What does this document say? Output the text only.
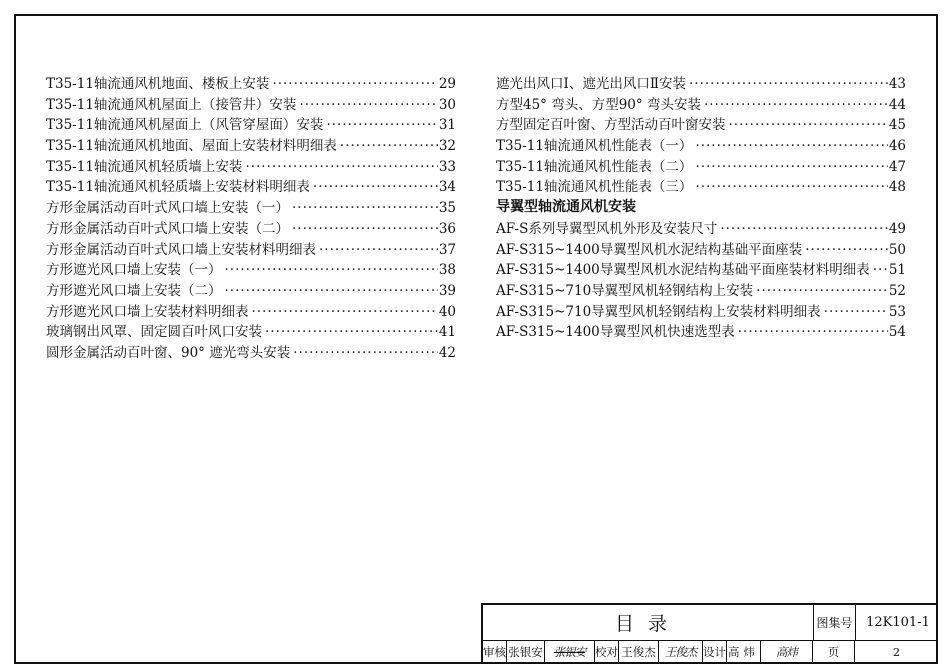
T35-11轴流通风机地面、楼板上安装 ·····	29
T35-11轴流通风机屋面上（接管井）安装 ·····	30
T35-11轴流通风机屋面上（风管穿屋面）安装 ·····	31
T35-11轴流通风机地面、屋面上安装材料明细表 ·····	32
T35-11轴流通风机轻质墙上安装 ·····	33
T35-11轴流通风机轻质墙上安装材料明细表 ·····	34
方形金属活动百叶式风口墙上安装（一） ·····	35
方形金属活动百叶式风口墙上安装（二） ·····	36
方形金属活动百叶式风口墙上安装材料明细表 ·····	37
方形遮光风口墙上安装（一） ·····	38
方形遮光风口墙上安装（二） ·····	39
方形遮光风口墙上安装材料明细表 ·····	40
玻璃钢出风罩、固定圆百叶风口安装 ·····	41
圆形金属活动百叶窗、90° 遮光弯头安装 ·····	42
遮光出风口Ⅰ、遮光出风口Ⅱ安装 ·····	43
方型45° 弯头、方型90° 弯头安装 ·····	44
方型固定百叶窗、方型活动百叶窗安装 ·····	45
T35-11轴流通风机性能表（一） ·····	46
T35-11轴流通风机性能表（二） ·····	47
T35-11轴流通风机性能表（三） ·····	48
导翼型轴流通风机安装
AF-S系列导翼型风机外形及安装尺寸 ·····	49
AF-S315~1400导翼型风机水泥结构基础平面座装 ·····	50
AF-S315~1400导翼型风机水泥结构基础平面座装材料明细表 ····· 51
AF-S315~710导翼型风机轻钢结构上安装 ·····	52
AF-S315~710导翼型风机轻钢结构上安装材料明细表 ·····	53
AF-S315~1400导翼型风机快速选型表 ·····	54
目录	图集号	12K101-1
审核 张银安 张银安 校对 王俊杰 王俊杰 设计 高炜	高炜	页	2
